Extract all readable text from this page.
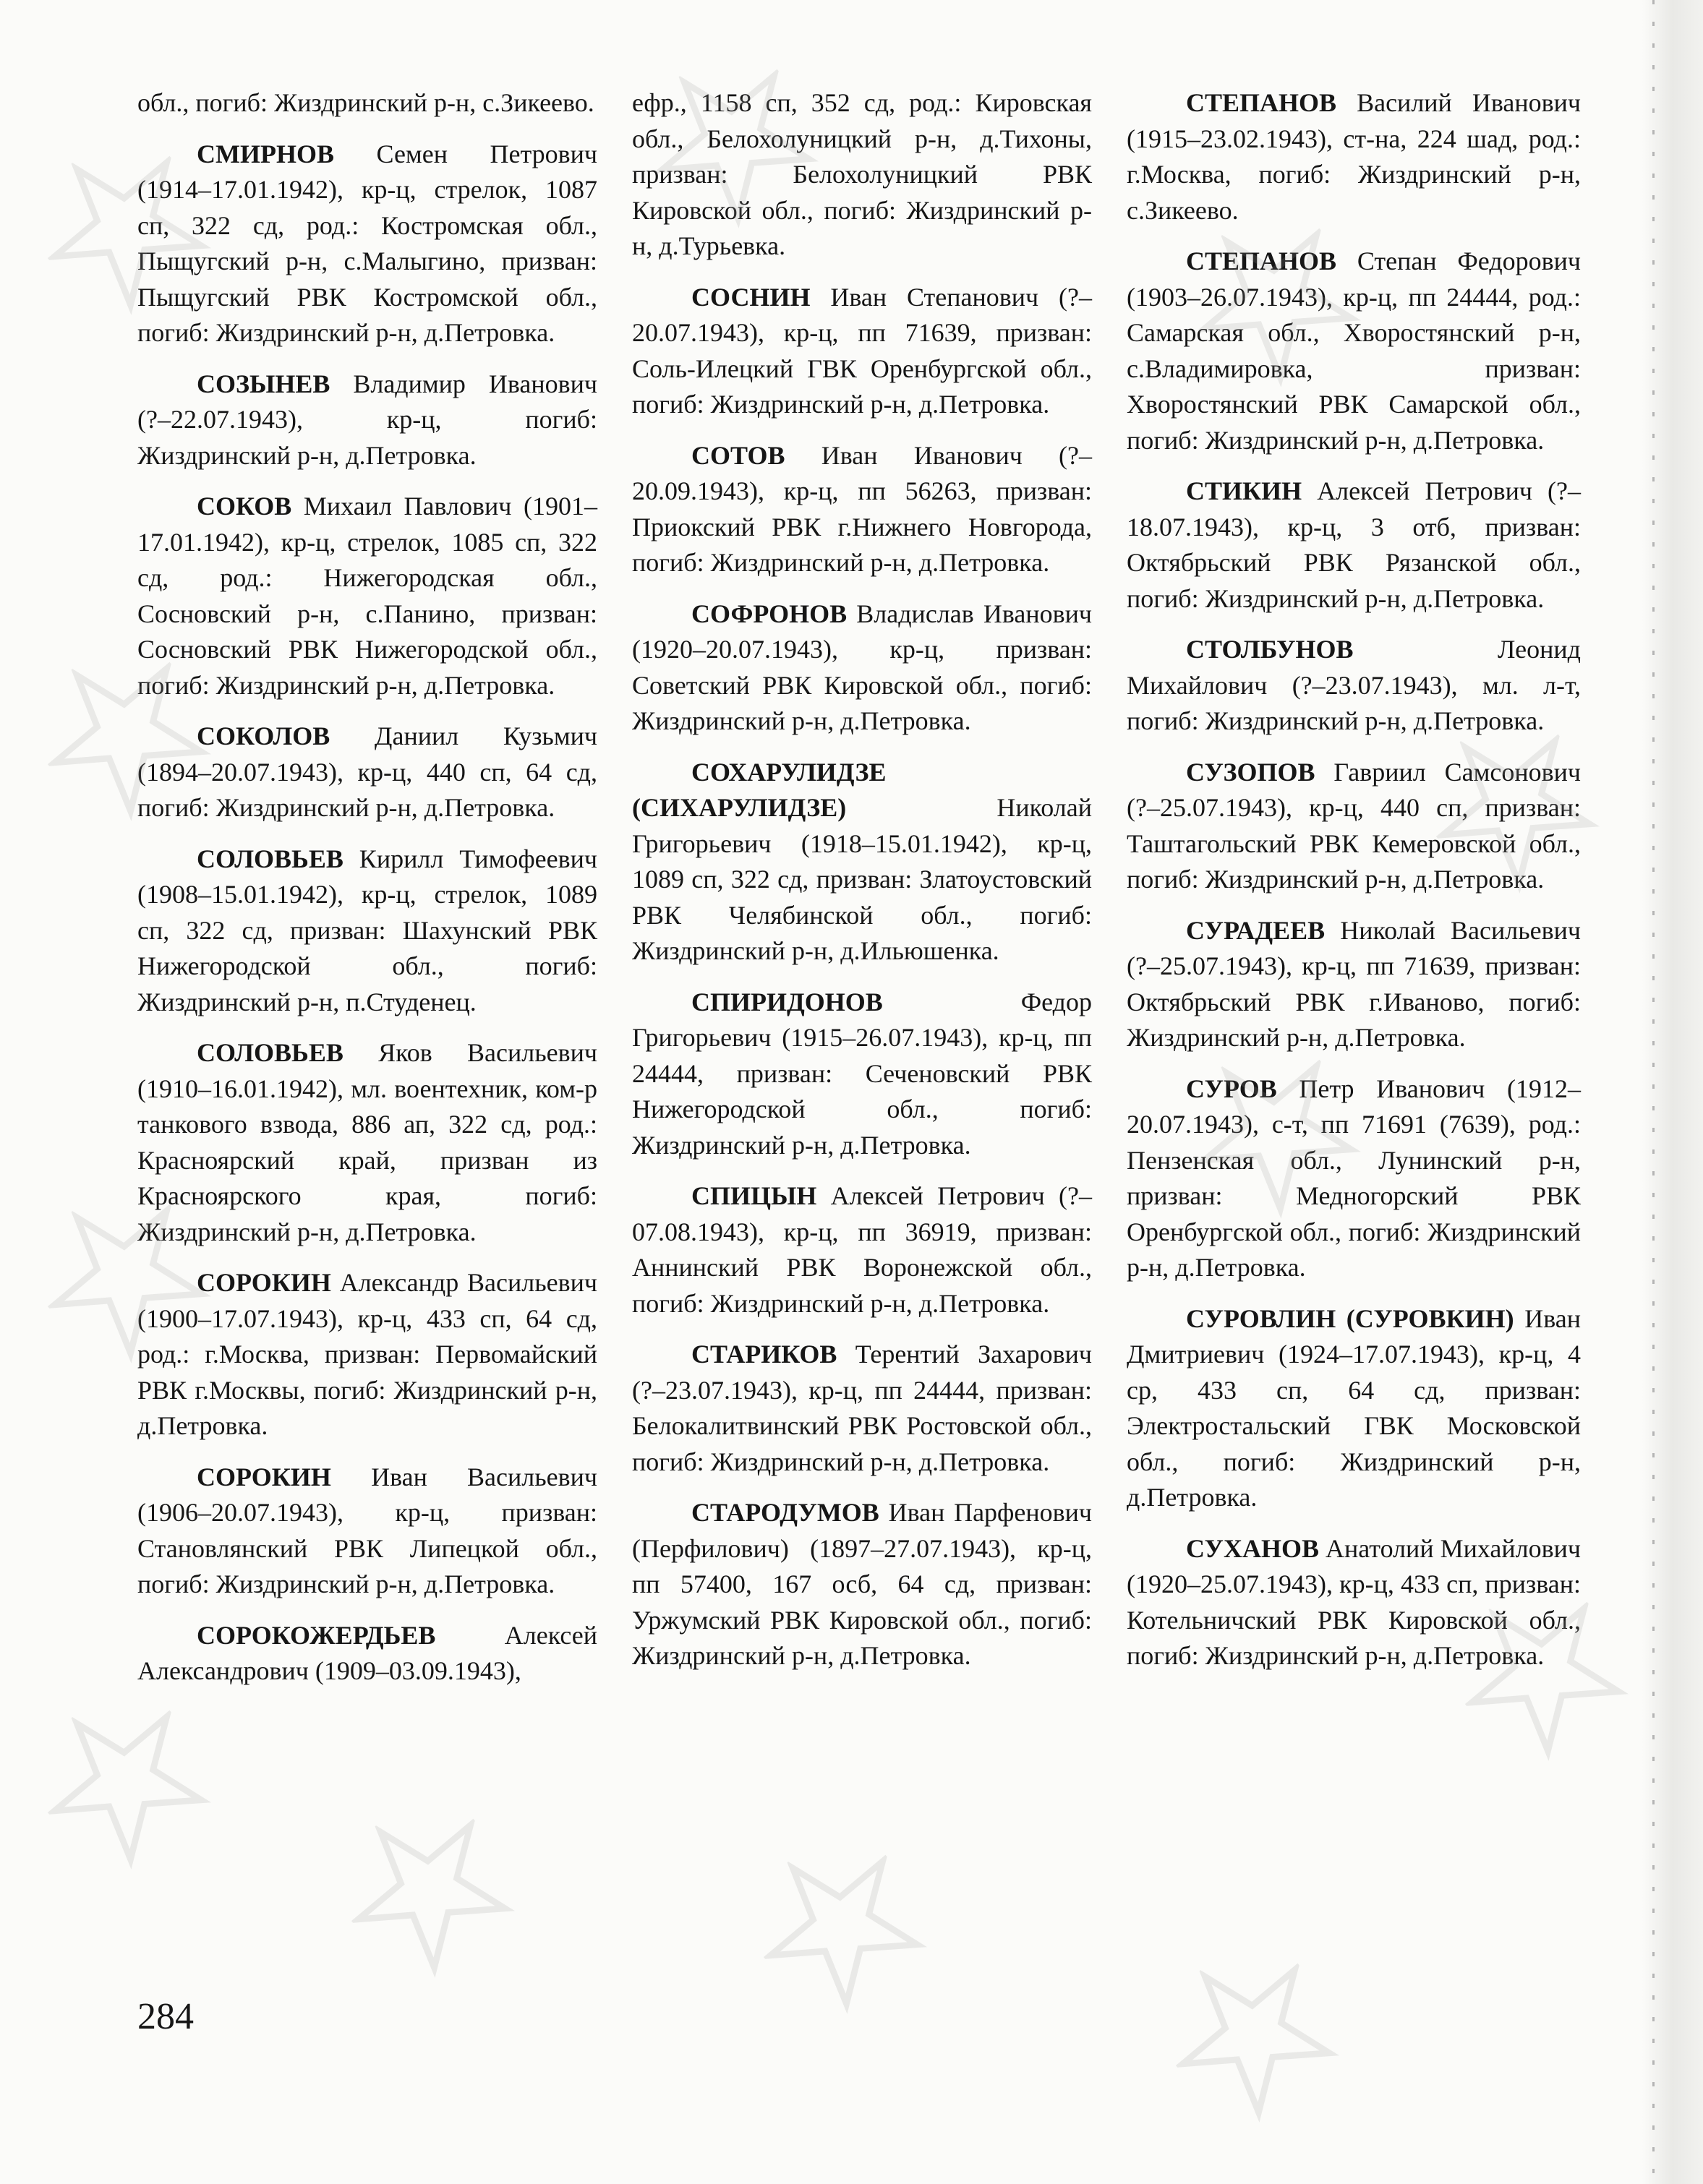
обл., погиб: Жиздринский р-н, с.Зикеево.

СМИРНОВ Семен Петрович (1914–17.01.1942), кр-ц, стрелок, 1087 сп, 322 сд, род.: Костромская обл., Пыщугский р-н, с.Малыгино, призван: Пыщугский РВК Костромской обл., погиб: Жиздринский р-н, д.Петровка.

СОЗЫНЕВ Владимир Иванович (?–22.07.1943), кр-ц, погиб: Жиздринский р-н, д.Петровка.

СОКОВ Михаил Павлович (1901–17.01.1942), кр-ц, стрелок, 1085 сп, 322 сд, род.: Нижегородская обл., Сосновский р-н, с.Панино, призван: Сосновский РВК Нижегородской обл., погиб: Жиздринский р-н, д.Петровка.

СОКОЛОВ Даниил Кузьмич (1894–20.07.1943), кр-ц, 440 сп, 64 сд, погиб: Жиздринский р-н, д.Петровка.

СОЛОВЬЕВ Кирилл Тимофеевич (1908–15.01.1942), кр-ц, стрелок, 1089 сп, 322 сд, призван: Шахунский РВК Нижегородской обл., погиб: Жиздринский р-н, п.Студенец.

СОЛОВЬЕВ Яков Васильевич (1910–16.01.1942), мл. воентехник, ком-р танкового взвода, 886 ап, 322 сд, род.: Красноярский край, призван из Красноярского края, погиб: Жиздринский р-н, д.Петровка.

СОРОКИН Александр Васильевич (1900–17.07.1943), кр-ц, 433 сп, 64 сд, род.: г.Москва, призван: Первомайский РВК г.Москвы, погиб: Жиздринский р-н, д.Петровка.

СОРОКИН Иван Васильевич (1906–20.07.1943), кр-ц, призван: Становлянский РВК Липецкой обл., погиб: Жиздринский р-н, д.Петровка.

СОРОКОЖЕРДЬЕВ Алексей Александрович (1909–03.09.1943),

ефр., 1158 сп, 352 сд, род.: Кировская обл., Белохолуницкий р-н, д.Тихоны, призван: Белохолуницкий РВК Кировской обл., погиб: Жиздринский р-н, д.Турьевка.

СОСНИН Иван Степанович (?–20.07.1943), кр-ц, пп 71639, призван: Соль-Илецкий ГВК Оренбургской обл., погиб: Жиздринский р-н, д.Петровка.

СОТОВ Иван Иванович (?–20.09.1943), кр-ц, пп 56263, призван: Приокский РВК г.Нижнего Новгорода, погиб: Жиздринский р-н, д.Петровка.

СОФРОНОВ Владислав Иванович (1920–20.07.1943), кр-ц, призван: Советский РВК Кировской обл., погиб: Жиздринский р-н, д.Петровка.

СОХАРУЛИДЗЕ (СИХАРУЛИДЗЕ) Николай Григорьевич (1918–15.01.1942), кр-ц, 1089 сп, 322 сд, призван: Златоустовский РВК Челябинской обл., погиб: Жиздринский р-н, д.Ильюшенка.

СПИРИДОНОВ Федор Григорьевич (1915–26.07.1943), кр-ц, пп 24444, призван: Сеченовский РВК Нижегородской обл., погиб: Жиздринский р-н, д.Петровка.

СПИЦЫН Алексей Петрович (?–07.08.1943), кр-ц, пп 36919, призван: Аннинский РВК Воронежской обл., погиб: Жиздринский р-н, д.Петровка.

СТАРИКОВ Терентий Захарович (?–23.07.1943), кр-ц, пп 24444, призван: Белокалитвинский РВК Ростовской обл., погиб: Жиздринский р-н, д.Петровка.

СТАРОДУМОВ Иван Парфенович (Перфилович) (1897–27.07.1943), кр-ц, пп 57400, 167 осб, 64 сд, призван: Уржумский РВК Кировской обл., погиб: Жиздринский р-н, д.Петровка.

СТЕПАНОВ Василий Иванович (1915–23.02.1943), ст-на, 224 шад, род.: г.Москва, погиб: Жиздринский р-н, с.Зикеево.

СТЕПАНОВ Степан Федорович (1903–26.07.1943), кр-ц, пп 24444, род.: Самарская обл., Хворостянский р-н, с.Владимировка, призван: Хворостянский РВК Самарской обл., погиб: Жиздринский р-н, д.Петровка.

СТИКИН Алексей Петрович (?–18.07.1943), кр-ц, 3 отб, призван: Октябрьский РВК Рязанской обл., погиб: Жиздринский р-н, д.Петровка.

СТОЛБУНОВ Леонид Михайлович (?–23.07.1943), мл. л-т, погиб: Жиздринский р-н, д.Петровка.

СУЗОПОВ Гавриил Самсонович (?–25.07.1943), кр-ц, 440 сп, призван: Таштагольский РВК Кемеровской обл., погиб: Жиздринский р-н, д.Петровка.

СУРАДЕЕВ Николай Васильевич (?–25.07.1943), кр-ц, пп 71639, призван: Октябрьский РВК г.Иваново, погиб: Жиздринский р-н, д.Петровка.

СУРОВ Петр Иванович (1912–20.07.1943), с-т, пп 71691 (7639), род.: Пензенская обл., Лунинский р-н, призван: Медногорский РВК Оренбургской обл., погиб: Жиздринский р-н, д.Петровка.

СУРОВЛИН (СУРОВКИН) Иван Дмитриевич (1924–17.07.1943), кр-ц, 4 ср, 433 сп, 64 сд, призван: Электростальский ГВК Московской обл., погиб: Жиздринский р-н, д.Петровка.

СУХАНОВ Анатолий Михайлович (1920–25.07.1943), кр-ц, 433 сп, призван: Котельничский РВК Кировской обл., погиб: Жиздринский р-н, д.Петровка.

284
